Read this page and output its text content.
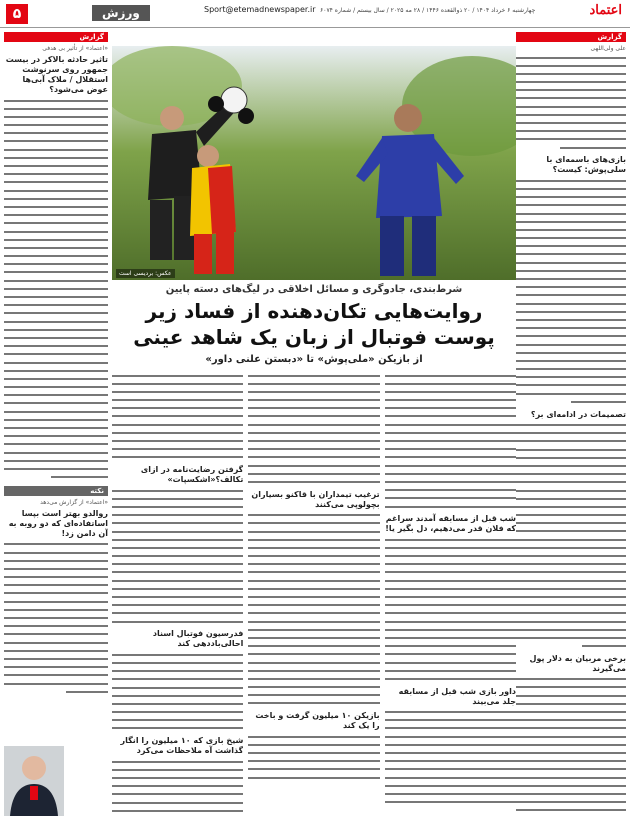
۵	ورزش	Sport@etemadnewspaper.ir چهارشنبه ۶ خرداد ۱۴۰۴ / ۲۰ ذوالقعده ۱۴۴۶ / ۲۸ مه ۲۰۲۵ / سال بیستم / شماره ۶۰۷۴	اعتماد
گزارش
علی ولی‌اللهی
بازی‌های باسمه‌ای با سلی‌پوش: کیست؟
تصمیمات در ادامه‌ای بر؟
برخی مربیان به دلار پول می‌گیرند
گزارش
«اعتماد» از تأثیر بی هدفی
تاثیر حادثه بالاکر در بیست جمهور روی سرنوشت استقلال / ملاک آبی‌ها عوض می‌شود؟
نکته
«اعتماد» از گزارش می‌دهد
روالدو بهتر است بپسا اساتفاده‌ای که دو روبه به آن دامن زد!
عکس: بردیسی است
شرط‌بندی، جادوگری و مسائل اخلاقی در لیگ‌های دسته پایین
روایت‌هایی تکان‌دهنده از فساد زیر پوست فوتبال از زبان یک شاهد عینی
از بازیکن «ملی‌پوش» تا «دبستن علنی داور»
گرفتن رضایت‌نامه در ازای تکالف؟«اشکسپات»
فدرسیون فوتبال اسناد احالی‌باددهی کند
شیخ بازی که ۱۰ میلیون را انگار گذاشت آه ملاحظات می‌کرد
ترغیب تیمداران با قاکنو بسیاران بچولوپی می‌کنند
بازیکن ۱۰ میلیون گرفت و باخت را یک کند
شب قبل از مسابقه آمدند سراغم که فلان قدر می‌دهیم، دل بگیر یا!
داور بازی شب قبل از مسابقه جلد می‌بیند
